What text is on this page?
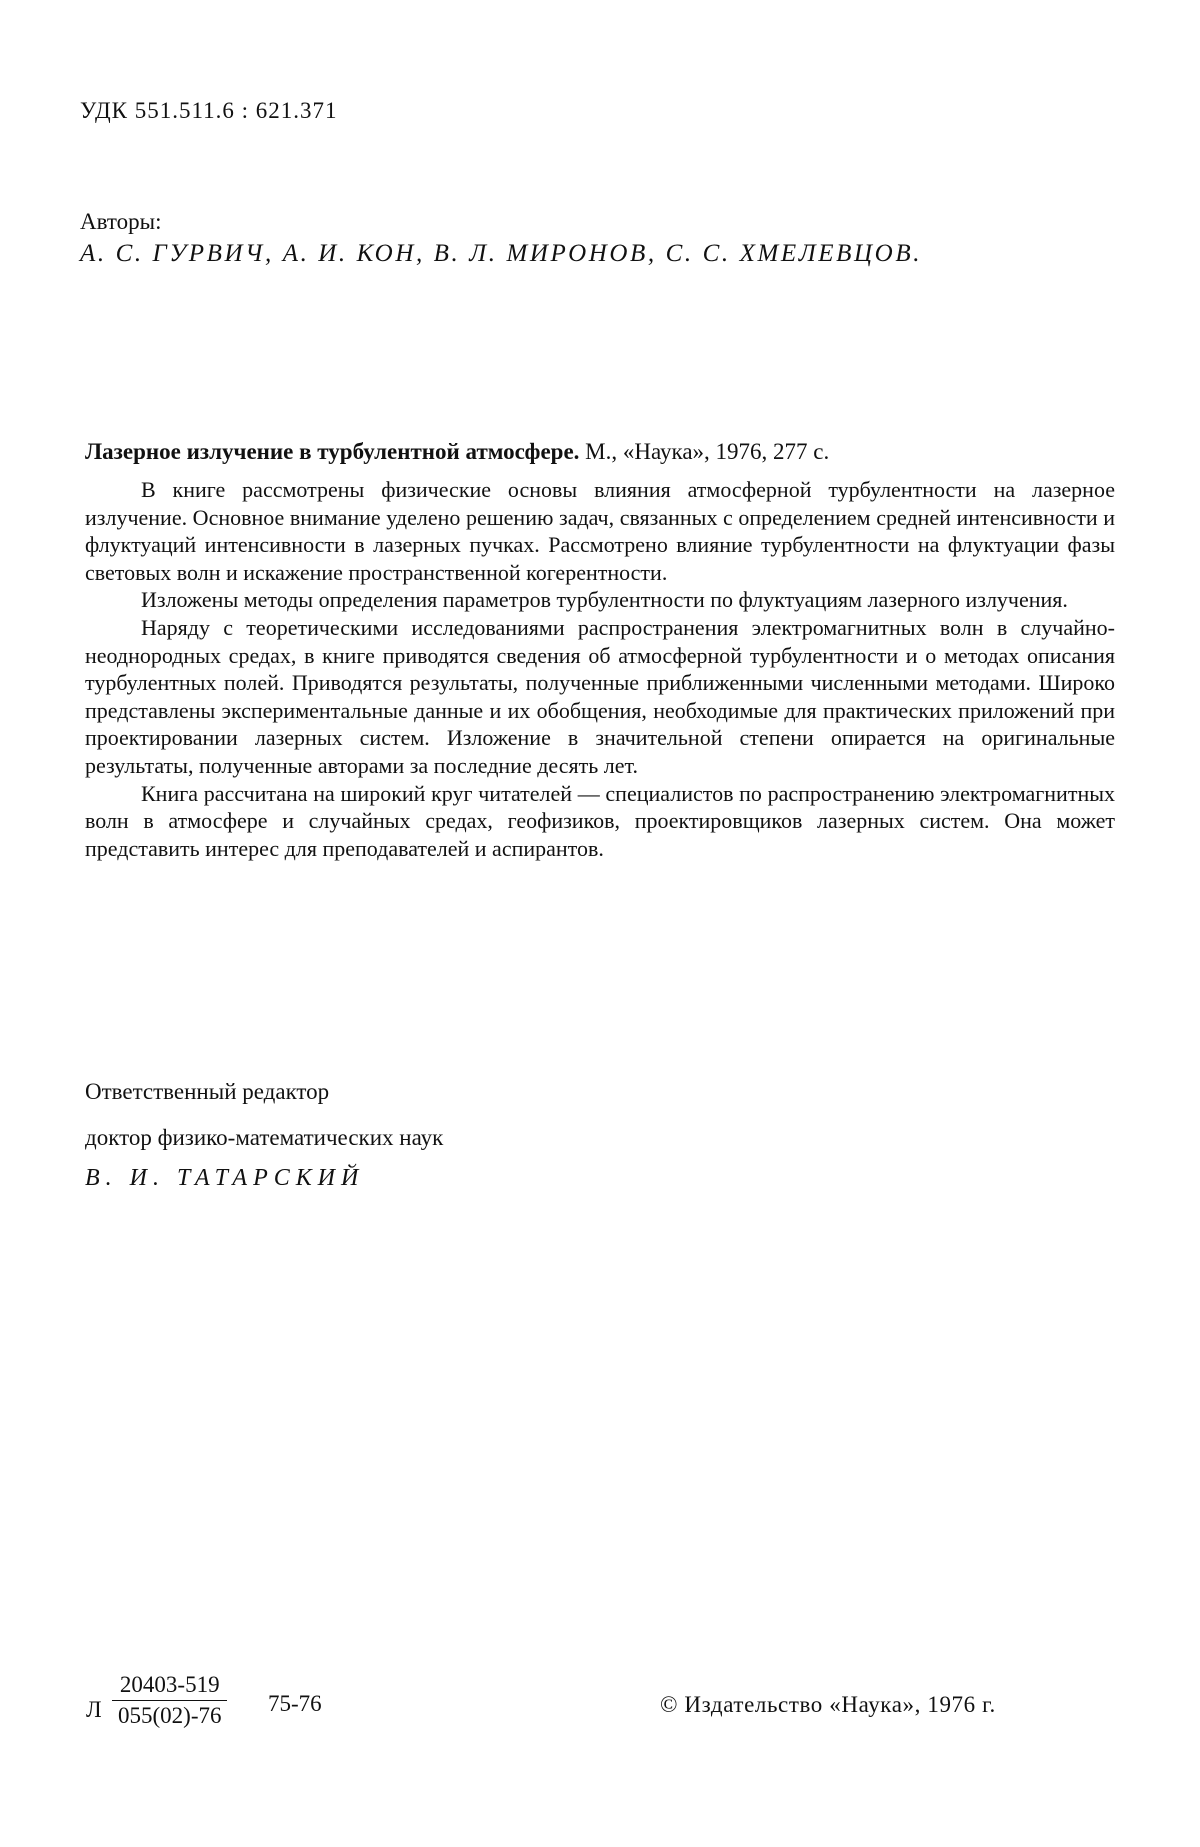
УДК 551.511.6 : 621.371
Авторы:
А. С. ГУРВИЧ, А. И. КОН, В. Л. МИРОНОВ, С. С. ХМЕЛЕВЦОВ.
Лазерное излучение в турбулентной атмосфере. М., «Наука», 1976, 277 с.

В книге рассмотрены физические основы влияния атмосферной турбулентности на лазерное излучение. Основное внимание уделено решению задач, связанных с определением средней интенсивности и флуктуаций интенсивности в лазерных пучках. Рассмотрено влияние турбулентности на флуктуации фазы световых волн и искажение пространственной когерентности.

Изложены методы определения параметров турбулентности по флуктуациям лазерного излучения.

Наряду с теоретическими исследованиями распространения электромагнитных волн в случайно-неоднородных средах, в книге приводятся сведения об атмосферной турбулентности и о методах описания турбулентных полей. Приводятся результаты, полученные приближенными численными методами. Широко представлены экспериментальные данные и их обобщения, необходимые для практических приложений при проектировании лазерных систем. Изложение в значительной степени опирается на оригинальные результаты, полученные авторами за последние десять лет.

Книга рассчитана на широкий круг читателей — специалистов по распространению электромагнитных волн в атмосфере и случайных средах, геофизиков, проектировщиков лазерных систем. Она может представить интерес для преподавателей и аспирантов.

Ответственный редактор
доктор физико-математических наук
В. И. ТАТАРСКИЙ
Л $\frac{20403-519}{055(02)-76} 75-76$	© Издательство «Наука», 1976 г.
